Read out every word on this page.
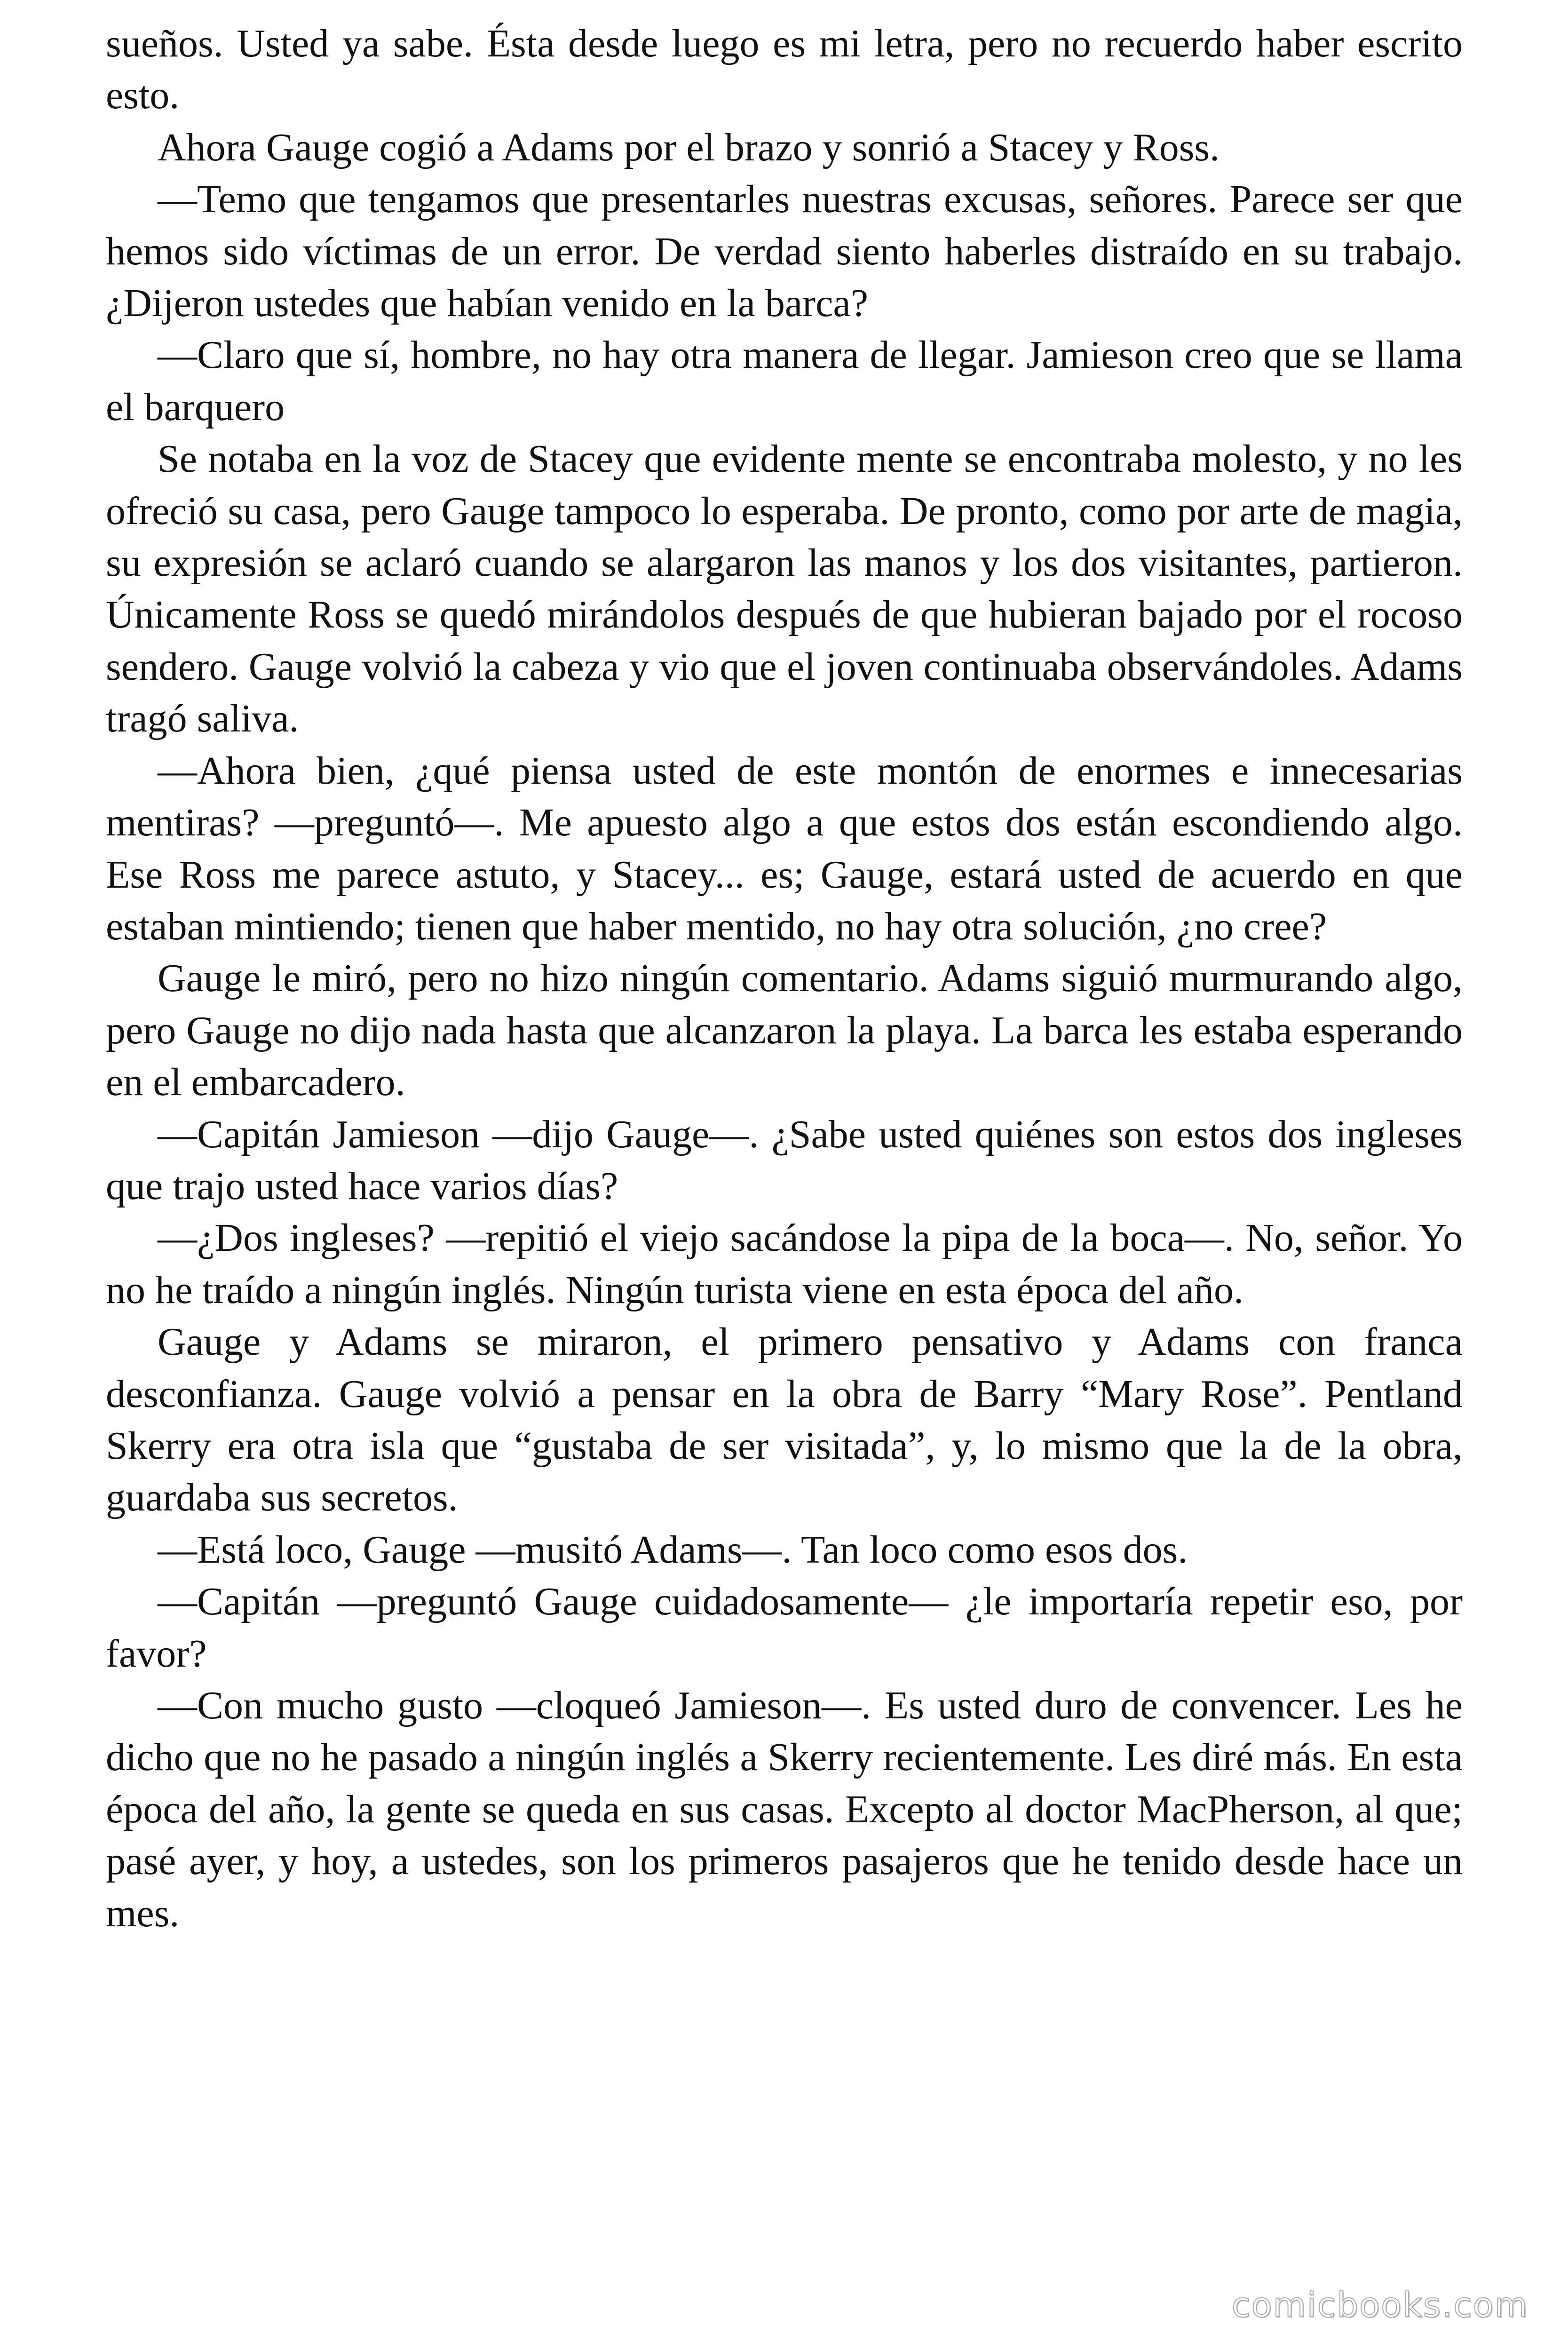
sueños. Usted ya sabe. Ésta desde luego es mi letra, pero no recuerdo haber escrito esto.

Ahora Gauge cogió a Adams por el brazo y sonrió a Stacey y Ross.

—Temo que tengamos que presentarles nuestras excusas, señores. Parece ser que hemos sido víctimas de un error. De verdad siento haberles distraído en su trabajo. ¿Dijeron ustedes que habían venido en la barca?

—Claro que sí, hombre, no hay otra manera de llegar. Jamieson creo que se llama el barquero

Se notaba en la voz de Stacey que evidente mente se encontraba molesto, y no les ofreció su casa, pero Gauge tampoco lo esperaba. De pronto, como por arte de magia, su expresión se aclaró cuando se alargaron las manos y los dos visitantes, partieron. Únicamente Ross se quedó mirándolos después de que hubieran bajado por el rocoso sendero. Gauge volvió la cabeza y vio que el joven continuaba observándoles. Adams tragó saliva.

—Ahora bien, ¿qué piensa usted de este montón de enormes e innecesarias mentiras? —preguntó—. Me apuesto algo a que estos dos están escondiendo algo. Ese Ross me parece astuto, y Stacey... es; Gauge, estará usted de acuerdo en que estaban mintiendo; tienen que haber mentido, no hay otra solución, ¿no cree?

Gauge le miró, pero no hizo ningún comentario. Adams siguió murmurando algo, pero Gauge no dijo nada hasta que alcanzaron la playa. La barca les estaba esperando en el embarcadero.

—Capitán Jamieson —dijo Gauge—. ¿Sabe usted quiénes son estos dos ingleses que trajo usted hace varios días?

—¿Dos ingleses? —repitió el viejo sacándose la pipa de la boca—. No, señor. Yo no he traído a ningún inglés. Ningún turista viene en esta época del año.

Gauge y Adams se miraron, el primero pensativo y Adams con franca desconfianza. Gauge volvió a pensar en la obra de Barry “Mary Rose”. Pentland Skerry era otra isla que “gustaba de ser visitada”, y, lo mismo que la de la obra, guardaba sus secretos.

—Está loco, Gauge —musitó Adams—. Tan loco como esos dos.

—Capitán —preguntó Gauge cuidadosamente— ¿le importaría repetir eso, por favor?

—Con mucho gusto —cloqueó Jamieson—. Es usted duro de convencer. Les he dicho que no he pasado a ningún inglés a Skerry recientemente. Les diré más. En esta época del año, la gente se queda en sus casas. Excepto al doctor MacPherson, al que; pasé ayer, y hoy, a ustedes, son los primeros pasajeros que he tenido desde hace un mes.

comicbooks.com
